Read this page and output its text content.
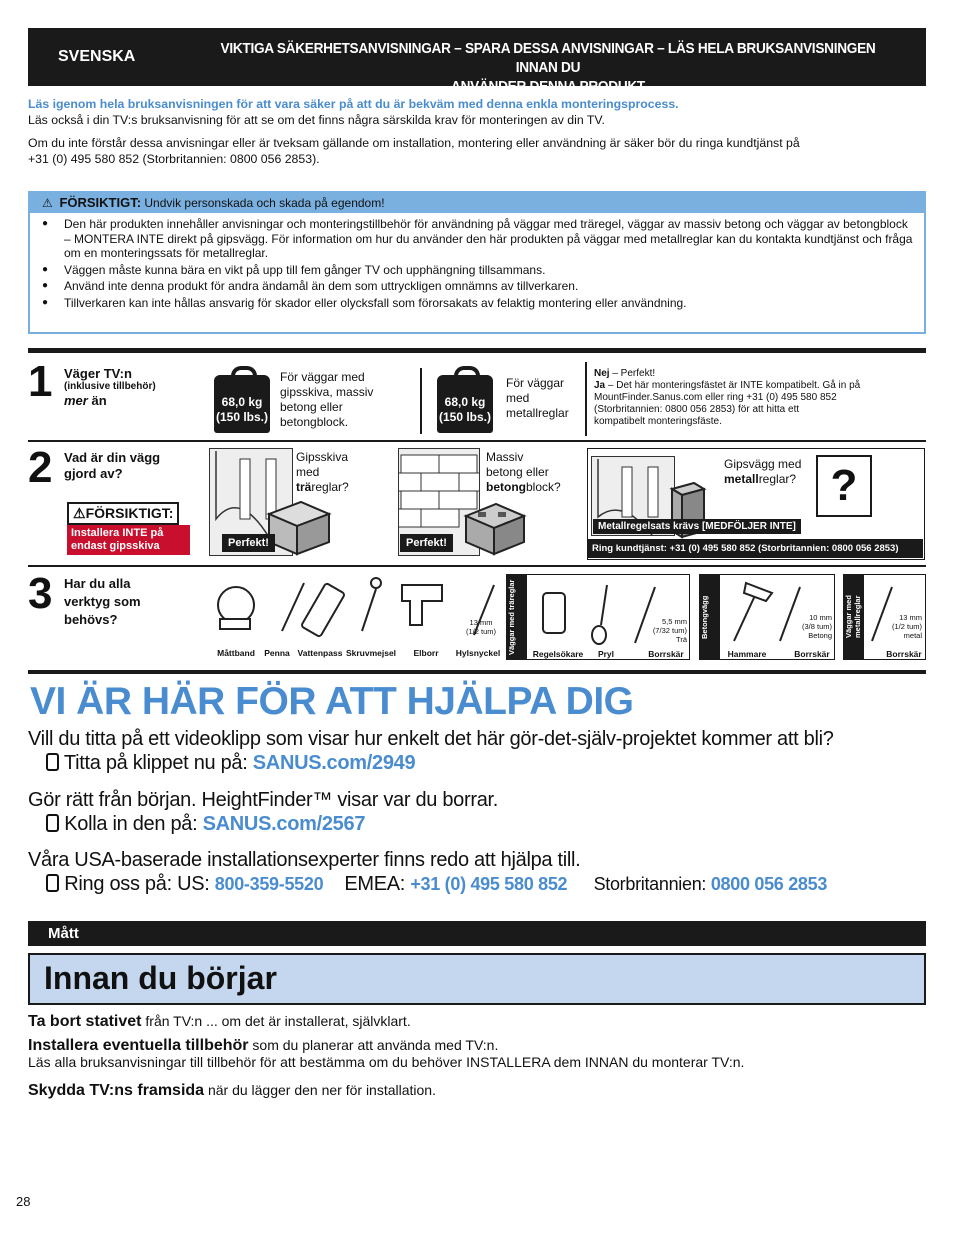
SVENSKA	VIKTIGA SÄKERHETSANVISNINGAR – SPARA DESSA ANVISNINGAR – LÄS HELA BRUKSANVISNINGEN INNAN DU
ANVÄNDER DENNA PRODUKT
Läs igenom hela bruksanvisningen för att vara säker på att du är bekväm med denna enkla monteringsprocess.
Läs också i din TV:s bruksanvisning för att se om det finns några särskilda krav för monteringen av din TV.
Om du inte förstår dessa anvisningar eller är tveksam gällande om installation, montering eller användning är säker bör du ringa kundtjänst på
+31 (0) 495 580 852 (Storbritannien: 0800 056 2853).
⚠ FÖRSIKTIGT: Undvik personskada och skada på egendom!
● Den här produkten innehåller anvisningar och monteringstillbehör för användning på väggar med träregel, väggar av massiv betong och väggar av betongblock – MONTERA INTE direkt på gipsvägg. För information om hur du använder den här produkten på väggar med metallreglar kan du kontakta kundtjänst och fråga om en monteringssats för metallreglar.
● Väggen måste kunna bära en vikt på upp till fem gånger TV och upphängning tillsammans.
● Använd inte denna produkt för andra ändamål än dem som uttryckligen omnämns av tillverkaren.
● Tillverkaren kan inte hållas ansvarig för skador eller olycksfall som förorsakats av felaktig montering eller användning.
1 Väger TV:n
(inklusive tillbehör)
mer än	68,0 kg
(150 lbs.)
För väggar med
gipsskiva, massiv
betong eller
betongblock.
68,0 kg
(150 lbs.)
För väggar
med
metallreglar
Nej – Perfekt!
Ja – Det här monteringsfästet är INTE kompatibelt. Gå in på
MountFinder.Sanus.com eller ring +31 (0) 495 580 852
(Storbritannien: 0800 056 2853) för att hitta ett
kompatibelt monteringsfäste.
2 Vad är din vägg
gjord av?
⚠FÖRSIKTIGT:
Installera INTE på
endast gipsskiva	Perfekt!
Gipsskiva
med
träreglar?
Perfekt!
Massiv
betong eller
betongblock?
Gipsvägg med
metallreglar? ?
Metallregelsats krävs [MEDFÖLJER INTE]
Ring kundtjänst: +31 (0) 495 580 852 (Storbritannien: 0800 056 2853)
3 Har du alla
verktyg som
behövs?	13 mm
(1/2 tum)
Måttband	Penna Vattenpass Skruvmejsel	Elborr	Hylsnyckel Väggar med träreglar	5,5 mm
(7/32 tum)
Trä
Regelsökare	Pryl	Borrskär
Betongvägg	10 mm
(3/8 tum)
Betong
Hammare	Borrskär
Väggar med metallreglar	13 mm
(1/2 tum)
metal
Borrskär
VI ÄR HÄR FÖR ATT HJÄLPA DIG
Vill du titta på ett videoklipp som visar hur enkelt det här gör-det-själv-projektet kommer att bli?
Titta på klippet nu på: SANUS.com/2949
Gör rätt från början. HeightFinder™ visar var du borrar.
Kolla in den på: SANUS.com/2567
Våra USA-baserade installationsexperter finns redo att hjälpa till.
Ring oss på: US: 800-359-5520 EMEA: +31 (0) 495 580 852 Storbritannien: 0800 056 2853
Mått
Innan du börjar
Ta bort stativet från TV:n ... om det är installerat, självklart.
Installera eventuella tillbehör som du planerar att använda med TV:n.
Läs alla bruksanvisningar till tillbehör för att bestämma om du behöver INSTALLERA dem INNAN du monterar TV:n.
Skydda TV:ns framsida när du lägger den ner för installation.
28
